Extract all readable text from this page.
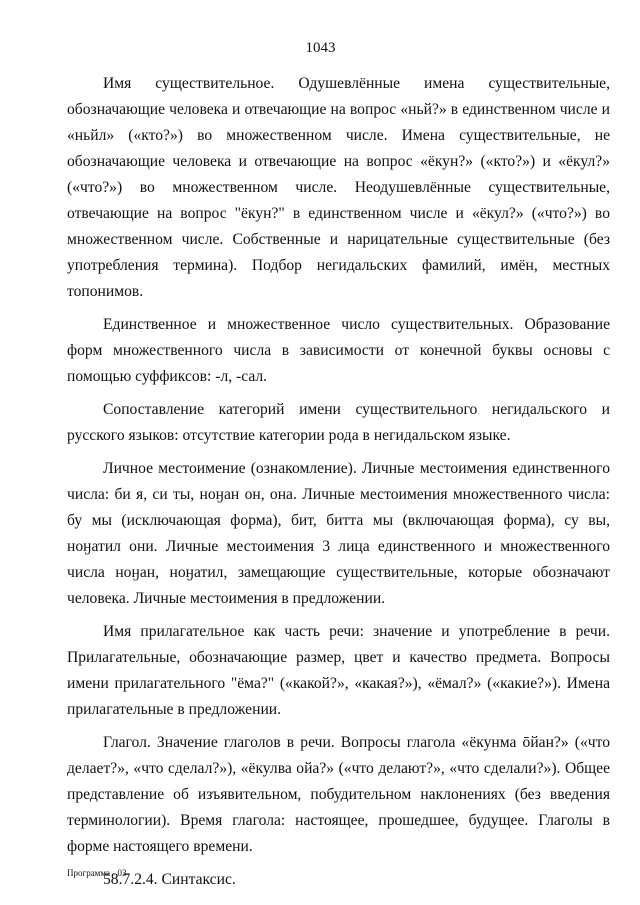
1043

Имя существительное. Одушевлённые имена существительные, обозначающие человека и отвечающие на вопрос «ньй?» в единственном числе и «ньйл» («кто?») во множественном числе. Имена существительные, не обозначающие человека и отвечающие на вопрос «ёкун?» («кто?») и «ёкул?» («что?») во множественном числе. Неодушевлённые существительные, отвечающие на вопрос "ёкун?" в единственном числе и «ёкул?» («что?») во множественном числе. Собственные и нарицательные существительные (без употребления термина). Подбор негидальских фамилий, имён, местных топонимов.

Единственное и множественное число существительных. Образование форм множественного числа в зависимости от конечной буквы основы с помощью суффиксов: -л, -сал.

Сопоставление категорий имени существительного негидальского и русского языков: отсутствие категории рода в негидальском языке.

Личное местоимение (ознакомление). Личные местоимения единственного числа: би я, си ты, ноӈан он, она. Личные местоимения множественного числа: бу мы (исключающая форма), бит, битта мы (включающая форма), су вы, ноӈатил они. Личные местоимения 3 лица единственного и множественного числа ноӈан, ноӈатил, замещающие существительные, которые обозначают человека. Личные местоимения в предложении.

Имя прилагательное как часть речи: значение и употребление в речи. Прилагательные, обозначающие размер, цвет и качество предмета. Вопросы имени прилагательного "ёма?" («какой?», «какая?»), «ёмал?» («какие?»). Имена прилагательные в предложении.

Глагол. Значение глаголов в речи. Вопросы глагола «ёкунма ōйан?» («что делает?», «что сделал?»), «ёкулва ойа?» («что делают?», «что сделали?»). Общее представление об изъявительном, побудительном наклонениях (без введения терминологии). Время глагола: настоящее, прошедшее, будущее. Глаголы в форме настоящего времени.

58.7.2.4. Синтаксис.

Программа - 03
